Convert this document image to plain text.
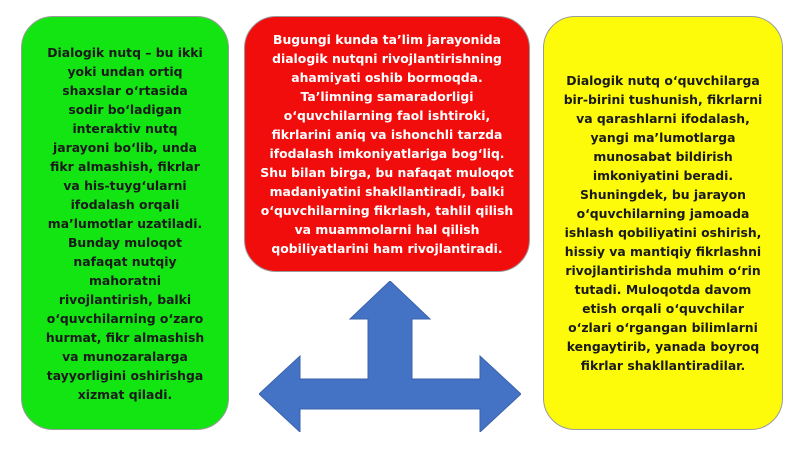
Dialogik nutq – bu ikki yoki undan ortiq shaxslar o‘rtasida sodir bo‘ladigan interaktiv nutq jarayoni bo‘lib, unda fikr almashish, fikrlar va his-tuyg‘ularni ifodalash orqali ma’lumotlar uzatiladi. Bunday muloqot nafaqat nutqiy mahoratni rivojlantirish, balki o‘quvchilarning o‘zaro hurmat, fikr almashish va munozaralarga tayyorligini oshirishga xizmat qiladi.
Bugungi kunda ta’lim jarayonida dialogik nutqni rivojlantirishning ahamiyati oshib bormoqda. Ta’limning samaradorligi o‘quvchilarning faol ishtiroki, fikrlarini aniq va ishonchli tarzda ifodalash imkoniyatlariga bog‘liq. Shu bilan birga, bu nafaqat muloqot madaniyatini shakllantiradi, balki o‘quvchilarning fikrlash, tahlil qilish va muammolarni hal qilish qobiliyatlarini ham rivojlantiradi.
Dialogik nutq o‘quvchilarga bir-birini tushunish, fikrlarni va qarashlarni ifodalash, yangi ma’lumotlarga munosabat bildirish imkoniyatini beradi. Shuningdek, bu jarayon o‘quvchilarning jamoada ishlash qobiliyatini oshirish, hissiy va mantiqiy fikrlashni rivojlantirishda muhim o‘rin tutadi. Muloqotda davom etish orqali o‘quvchilar o‘zlari o‘rgangan bilimlarni kengaytirib, yanada boyroq fikrlar shakllantiradilar.
